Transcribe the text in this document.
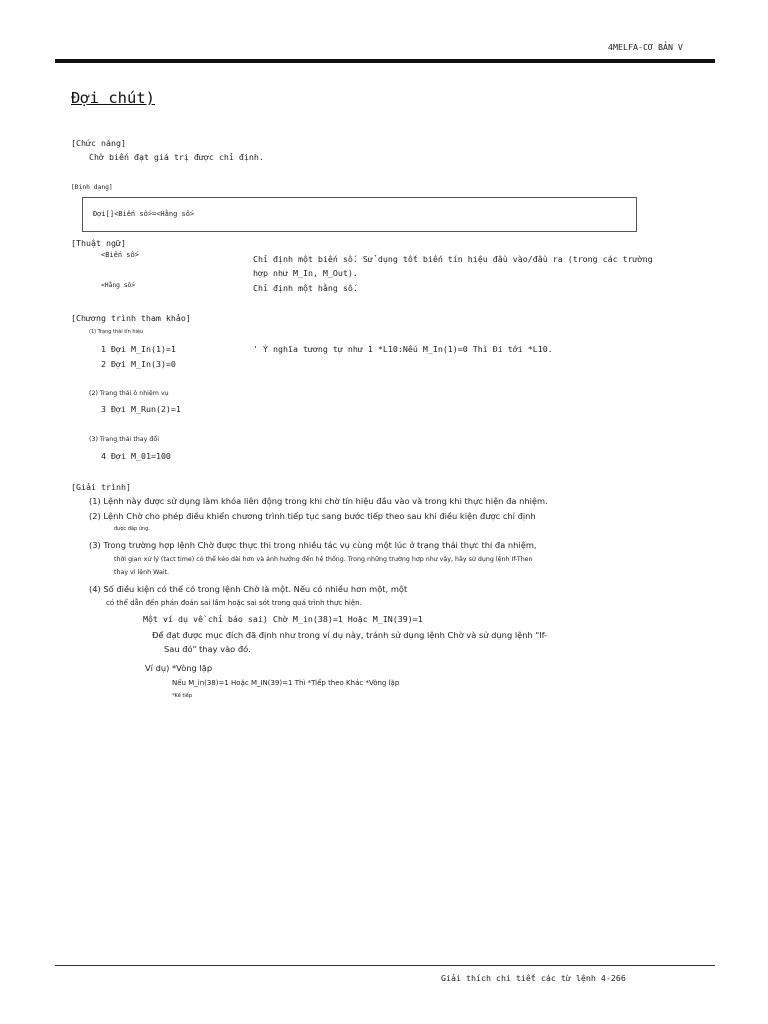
4MELFA-CƠ BẢN V
Đợi chút)
[Chức năng]
Chờ biến đạt giá trị được chỉ định.
[Định dạng]
Đợi[]<Biến số>=<Hằng số>
[Thuật ngữ]
<Biến số>	Chỉ định một biến số. Sử dụng tốt biến tín hiệu đầu vào/đầu ra (trong các trường
hợp như M_In, M_Out).
<Hằng số>	Chỉ định một hằng số.
[Chương trình tham khảo]
(1) Trạng thái tín hiệu
1 Đợi M_In(1)=1	' Ý nghĩa tương tự như 1 *L10:Nếu M_In(1)=0 Thì Đi tới *L10.
2 Đợi M_In(3)=0
(2) Trạng thái ô nhiệm vụ
3 Đợi M_Run(2)=1
(3) Trạng thái thay đổi
4 Đợi M_01=100
[Giải trình]
(1) Lệnh này được sử dụng làm khóa liên động trong khi chờ tín hiệu đầu vào và trong khi thực hiện đa nhiệm.
(2) Lệnh Chờ cho phép điều khiển chương trình tiếp tục sang bước tiếp theo sau khi điều kiện được chỉ định
được đáp ứng.
(3) Trong trường hợp lệnh Chờ được thực thi trong nhiều tác vụ cùng một lúc ở trạng thái thực thi đa nhiệm,
thời gian xử lý (tact time) có thể kéo dài hơn và ảnh hưởng đến hệ thống. Trong những trường hợp như vậy, hãy sử dụng lệnh If-Then
thay vì lệnh Wait.
(4) Số điều kiện có thể có trong lệnh Chờ là một. Nếu có nhiều hơn một, một
có thể dẫn đến phán đoán sai lầm hoặc sai sót trong quá trình thực hiện.
Một ví dụ về chỉ báo sai) Chờ M_in(38)=1 Hoặc M_IN(39)=1
Để đạt được mục đích đã định như trong ví dụ này, tránh sử dụng lệnh Chờ và sử dụng lệnh "If-
Sau đó" thay vào đó.
Ví dụ) *Vòng lặp
Nếu M_in(38)=1 Hoặc M_IN(39)=1 Thì *Tiếp theo Khác *Vòng lặp
*Kế tiếp
Giải thích chi tiết các từ lệnh 4-266
